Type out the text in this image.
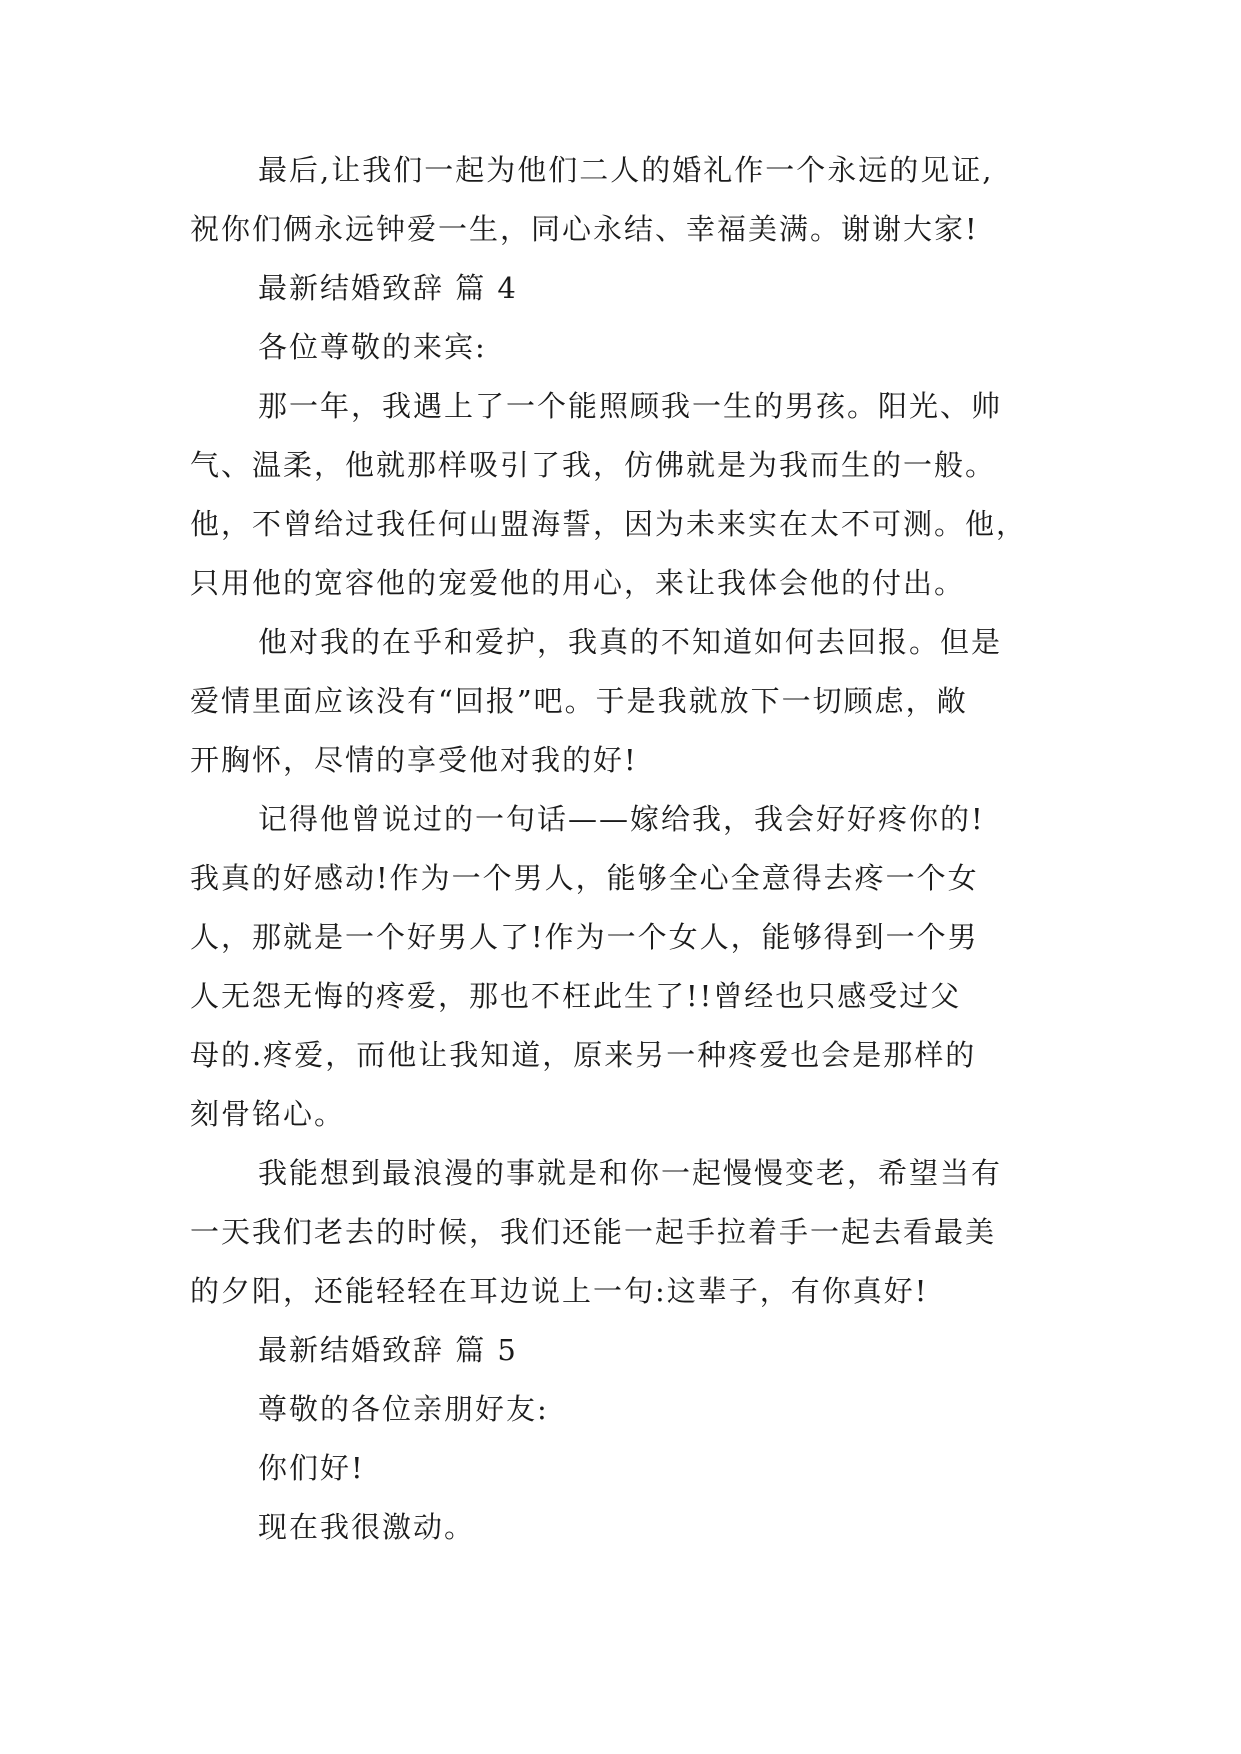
最后,让我们一起为他们二人的婚礼作一个永远的见证,
祝你们俩永远钟爱一生，同心永结、幸福美满。谢谢大家!
最新结婚致辞 篇 4
各位尊敬的来宾:
那一年，我遇上了一个能照顾我一生的男孩。阳光、帅
气、温柔，他就那样吸引了我，仿佛就是为我而生的一般。
他，不曾给过我任何山盟海誓，因为未来实在太不可测。他，
只用他的宽容他的宠爱他的用心，来让我体会他的付出。
他对我的在乎和爱护，我真的不知道如何去回报。但是
爱情里面应该没有“回报”吧。于是我就放下一切顾虑，敞
开胸怀，尽情的享受他对我的好!
记得他曾说过的一句话——嫁给我，我会好好疼你的!
我真的好感动!作为一个男人，能够全心全意得去疼一个女
人，那就是一个好男人了!作为一个女人，能够得到一个男
人无怨无悔的疼爱，那也不枉此生了!!曾经也只感受过父
母的.疼爱，而他让我知道，原来另一种疼爱也会是那样的
刻骨铭心。
我能想到最浪漫的事就是和你一起慢慢变老，希望当有
一天我们老去的时候，我们还能一起手拉着手一起去看最美
的夕阳，还能轻轻在耳边说上一句:这辈子，有你真好!
最新结婚致辞 篇 5
尊敬的各位亲朋好友:
你们好!
现在我很激动。
